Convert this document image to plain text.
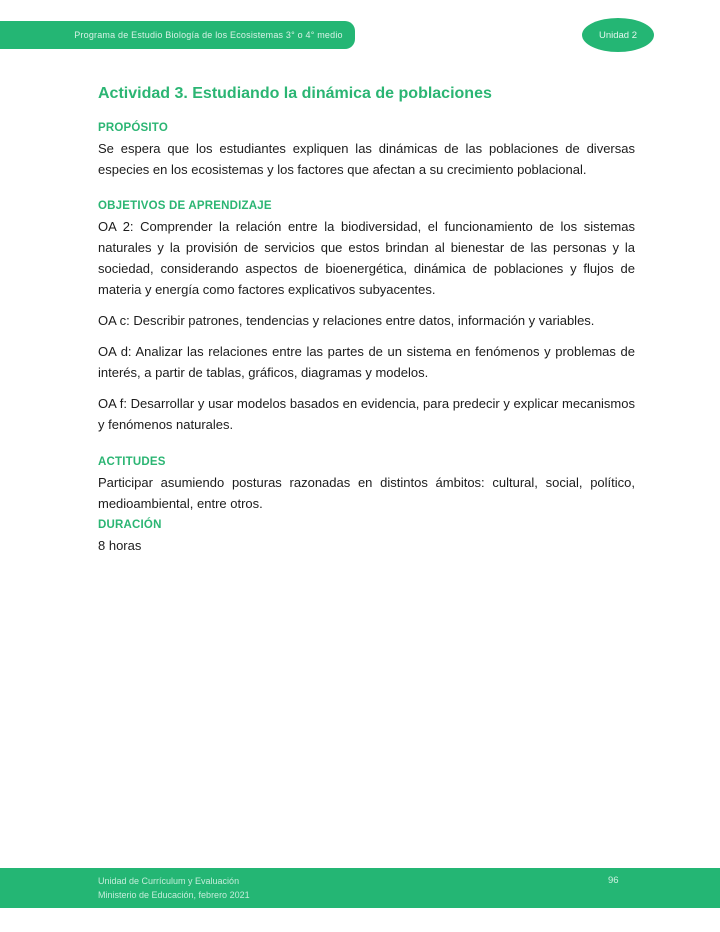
Programa de Estudio Biología de los Ecosistemas 3° o 4° medio	Unidad 2
Actividad 3. Estudiando la dinámica de poblaciones
PROPÓSITO

Se espera que los estudiantes expliquen las dinámicas de las poblaciones de diversas especies en los ecosistemas y los factores que afectan a su crecimiento poblacional.

OBJETIVOS DE APRENDIZAJE

OA 2: Comprender la relación entre la biodiversidad, el funcionamiento de los sistemas naturales y la provisión de servicios que estos brindan al bienestar de las personas y la sociedad, considerando aspectos de bioenergética, dinámica de poblaciones y flujos de materia y energía como factores explicativos subyacentes.

OA c: Describir patrones, tendencias y relaciones entre datos, información y variables.

OA d: Analizar las relaciones entre las partes de un sistema en fenómenos y problemas de interés, a partir de tablas, gráficos, diagramas y modelos.

OA f: Desarrollar y usar modelos basados en evidencia, para predecir y explicar mecanismos y fenómenos naturales.

ACTITUDES

Participar asumiendo posturas razonadas en distintos ámbitos: cultural, social, político, medioambiental, entre otros.

DURACIÓN

8 horas

Unidad de Currículum y Evaluación
Ministerio de Educación, febrero 2021
96
